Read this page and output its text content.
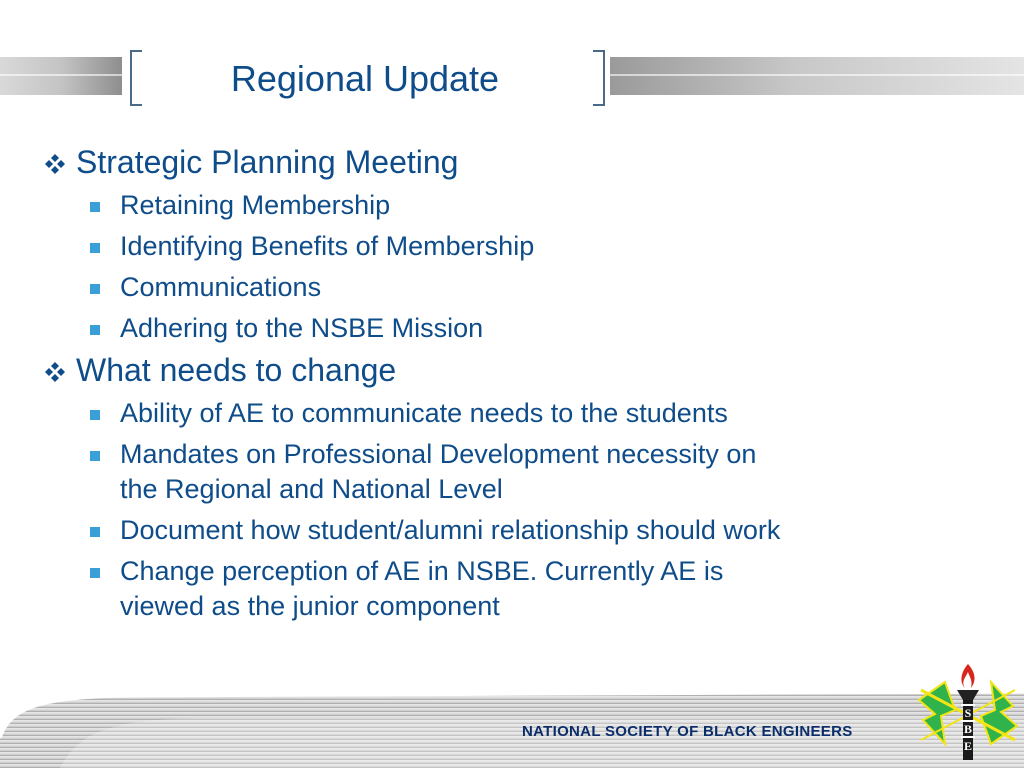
Regional Update
Strategic Planning Meeting
Retaining Membership
Identifying Benefits of Membership
Communications
Adhering to the NSBE Mission
What needs to change
Ability of AE to communicate needs to the students
Mandates on Professional Development necessity on
the Regional and National Level
Document how student/alumni relationship should work
Change perception of AE in NSBE. Currently AE is
viewed as the junior component
NATIONAL SOCIETY OF BLACK ENGINEERS
S
B
E
